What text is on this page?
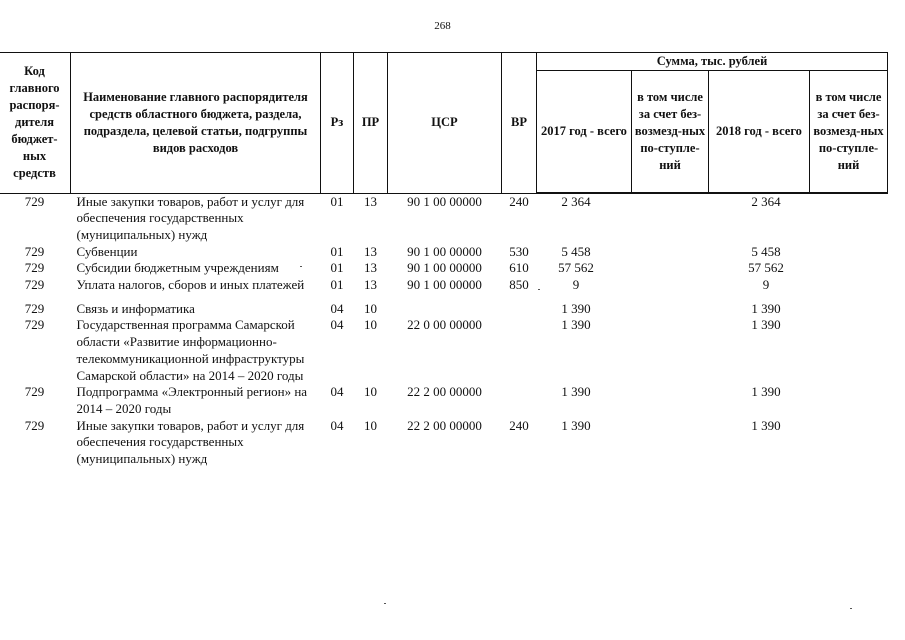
268
Код главного распоря-дителя бюджет-ных средств	Наименование главного распорядителя средств областного бюджета, раздела, подраздела, целевой статьи, подгруппы видов расходов	Рз	ПР	ЦСР	ВР	Сумма, тыс. рублей			
						2017 год - всего	в том числе за счет без-возмезд-ных по-ступле-ний	2018 год - всего	в том числе за счет без-возмезд-ных по-ступле-ний
729	Иные закупки товаров, работ и услуг для обеспечения государственных (муниципальных) нужд	01	13	90 1 00 00000	240	2 364		2 364	
729	Субвенции	01	13	90 1 00 00000	530	5 458		5 458	
729	Субсидии бюджетным учреждениям	01	13	90 1 00 00000	610	57 562		57 562	
729	Уплата налогов, сборов и иных платежей	01	13	90 1 00 00000	850	9		9	

729	Связь и информатика	04	10			1 390		1 390	
729	Государственная программа Самарской области «Развитие информационно-телекоммуникационной инфраструктуры Самарской области» на 2014 – 2020 годы	04	10	22 0 00 00000		1 390		1 390	
729	Подпрограмма «Электронный регион» на 2014 – 2020 годы	04	10	22 2 00 00000		1 390		1 390	
729	Иные закупки товаров, работ и услуг для обеспечения государственных (муниципальных) нужд	04	10	22 2 00 00000	240	1 390		1 390	
